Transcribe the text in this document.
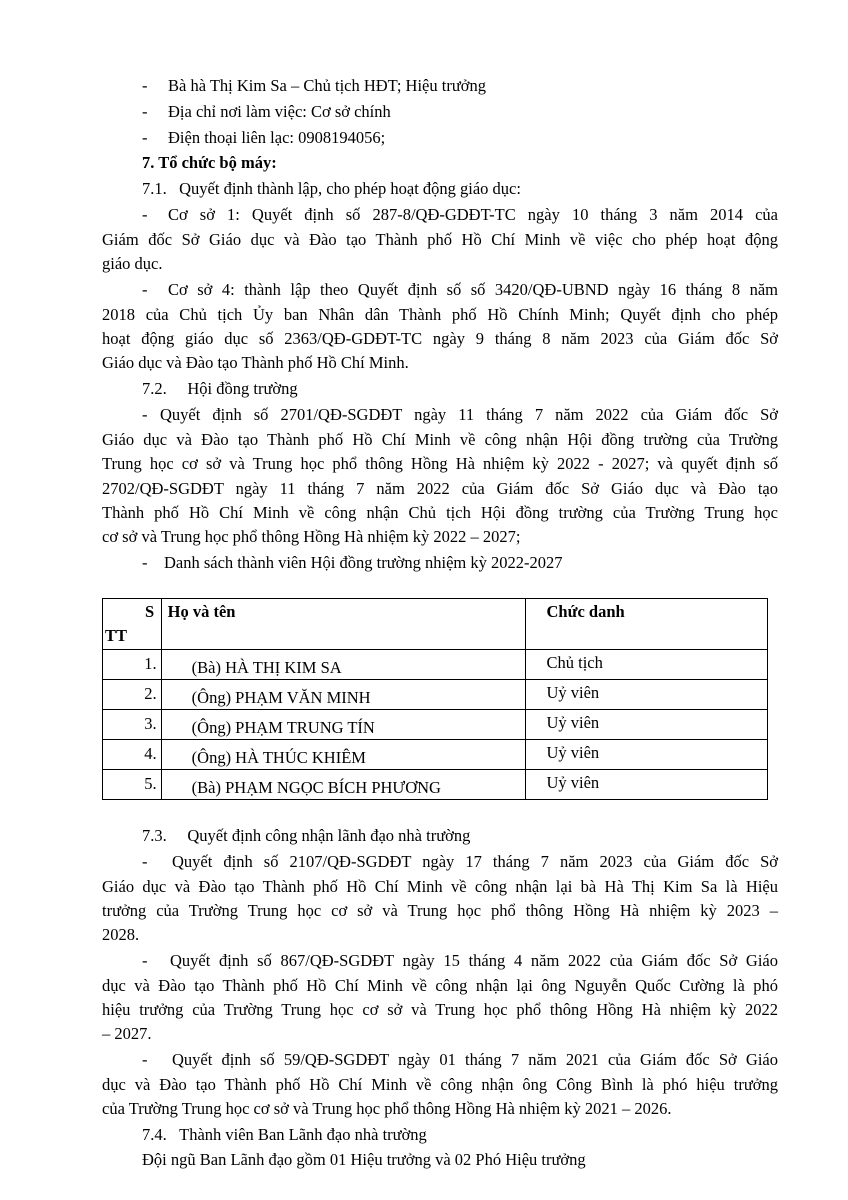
- Bà hà Thị Kim Sa – Chủ tịch HĐT; Hiệu trưởng
- Địa chỉ nơi làm việc: Cơ sở chính
- Điện thoại liên lạc: 0908194056;
7. Tổ chức bộ máy:
7.1. Quyết định thành lập, cho phép hoạt động giáo dục:
- Cơ sở 1: Quyết định số 287-8/QĐ-GDĐT-TC ngày 10 tháng 3 năm 2014 của
Giám đốc Sở Giáo dục và Đào tạo Thành phố Hồ Chí Minh về việc cho phép hoạt động
giáo dục.
- Cơ sở 4: thành lập theo Quyết định số số 3420/QĐ-UBND ngày 16 tháng 8 năm
2018 của Chủ tịch Ủy ban Nhân dân Thành phố Hồ Chính Minh; Quyết định cho phép
hoạt động giáo dục số 2363/QĐ-GDĐT-TC ngày 9 tháng 8 năm 2023 của Giám đốc Sở
Giáo dục và Đào tạo Thành phố Hồ Chí Minh.
7.2. Hội đồng trường
- Quyết định số 2701/QĐ-SGDĐT ngày 11 tháng 7 năm 2022 của Giám đốc Sở
Giáo dục và Đào tạo Thành phố Hồ Chí Minh về công nhận Hội đồng trường của Trường
Trung học cơ sở và Trung học phổ thông Hồng Hà nhiệm kỳ 2022 - 2027; và quyết định số
2702/QĐ-SGDĐT ngày 11 tháng 7 năm 2022 của Giám đốc Sở Giáo dục và Đào tạo
Thành phố Hồ Chí Minh về công nhận Chủ tịch Hội đồng trường của Trường Trung học
cơ sở và Trung học phổ thông Hồng Hà nhiệm kỳ 2022 – 2027;
- Danh sách thành viên Hội đồng trường nhiệm kỳ 2022-2027
S
TT	Họ và tên	Chức danh

1.	(Bà) HÀ THỊ KIM SA	Chủ tịch

2.	(Ông) PHẠM VĂN MINH	Uỷ viên

3.	(Ông) PHẠM TRUNG TÍN	Uỷ viên

4.	(Ông) HÀ THÚC KHIÊM	Uỷ viên

5.	(Bà) PHẠM NGỌC BÍCH PHƯƠNG	Uỷ viên
7.3. Quyết định công nhận lãnh đạo nhà trường
- Quyết định số 2107/QĐ-SGDĐT ngày 17 tháng 7 năm 2023 của Giám đốc Sở
Giáo dục và Đào tạo Thành phố Hồ Chí Minh về công nhận lại bà Hà Thị Kim Sa là Hiệu
trưởng của Trường Trung học cơ sở và Trung học phổ thông Hồng Hà nhiệm kỳ 2023 –
2028.
- Quyết định số 867/QĐ-SGDĐT ngày 15 tháng 4 năm 2022 của Giám đốc Sở Giáo
dục và Đào tạo Thành phố Hồ Chí Minh về công nhận lại ông Nguyễn Quốc Cường là phó
hiệu trưởng của Trường Trung học cơ sở và Trung học phổ thông Hồng Hà nhiệm kỳ 2022
– 2027.
- Quyết định số 59/QĐ-SGDĐT ngày 01 tháng 7 năm 2021 của Giám đốc Sở Giáo
dục và Đào tạo Thành phố Hồ Chí Minh về công nhận ông Công Bình là phó hiệu trưởng
của Trường Trung học cơ sở và Trung học phổ thông Hồng Hà nhiệm kỳ 2021 – 2026.
7.4. Thành viên Ban Lãnh đạo nhà trường
Đội ngũ Ban Lãnh đạo gồm 01 Hiệu trưởng và 02 Phó Hiệu trưởng
